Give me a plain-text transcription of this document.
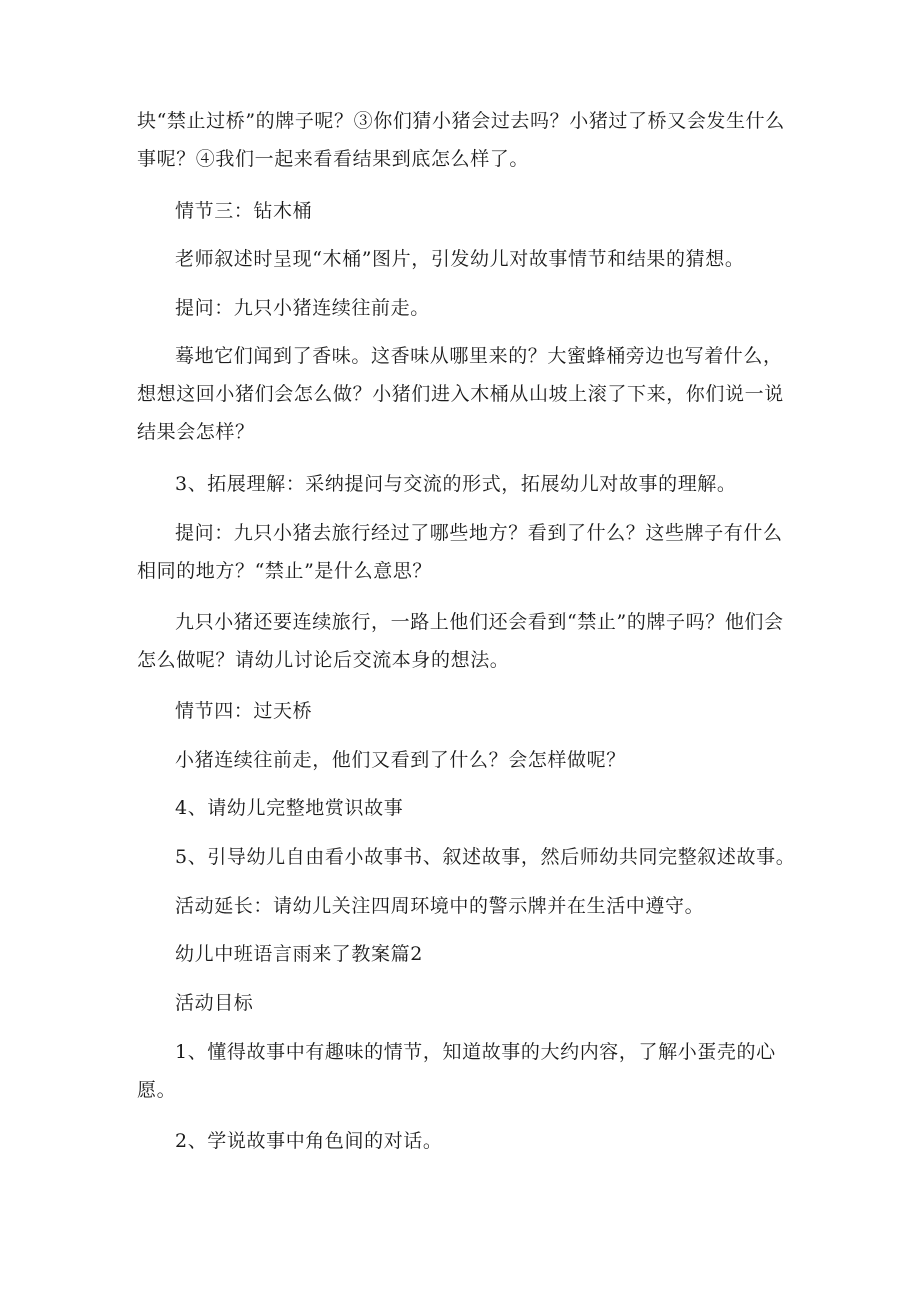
块“禁止过桥”的牌子呢？③你们猜小猪会过去吗？小猪过了桥又会发生什么事呢？④我们一起来看看结果到底怎么样了。

情节三：钻木桶

老师叙述时呈现“木桶”图片，引发幼儿对故事情节和结果的猜想。

提问：九只小猪连续往前走。

蓦地它们闻到了香味。这香味从哪里来的？大蜜蜂桶旁边也写着什么，想想这回小猪们会怎么做？小猪们进入木桶从山坡上滚了下来，你们说一说结果会怎样？

3、拓展理解：采纳提问与交流的形式，拓展幼儿对故事的理解。

提问：九只小猪去旅行经过了哪些地方？看到了什么？这些牌子有什么相同的地方？“禁止”是什么意思？

九只小猪还要连续旅行，一路上他们还会看到“禁止”的牌子吗？他们会怎么做呢？请幼儿讨论后交流本身的想法。

情节四：过天桥

小猪连续往前走，他们又看到了什么？会怎样做呢？

4、请幼儿完整地赏识故事

5、引导幼儿自由看小故事书、叙述故事，然后师幼共同完整叙述故事。

活动延长：请幼儿关注四周环境中的警示牌并在生活中遵守。

幼儿中班语言雨来了教案篇2

活动目标

1、懂得故事中有趣味的情节，知道故事的大约内容，了解小蛋壳的心愿。

2、学说故事中角色间的对话。
